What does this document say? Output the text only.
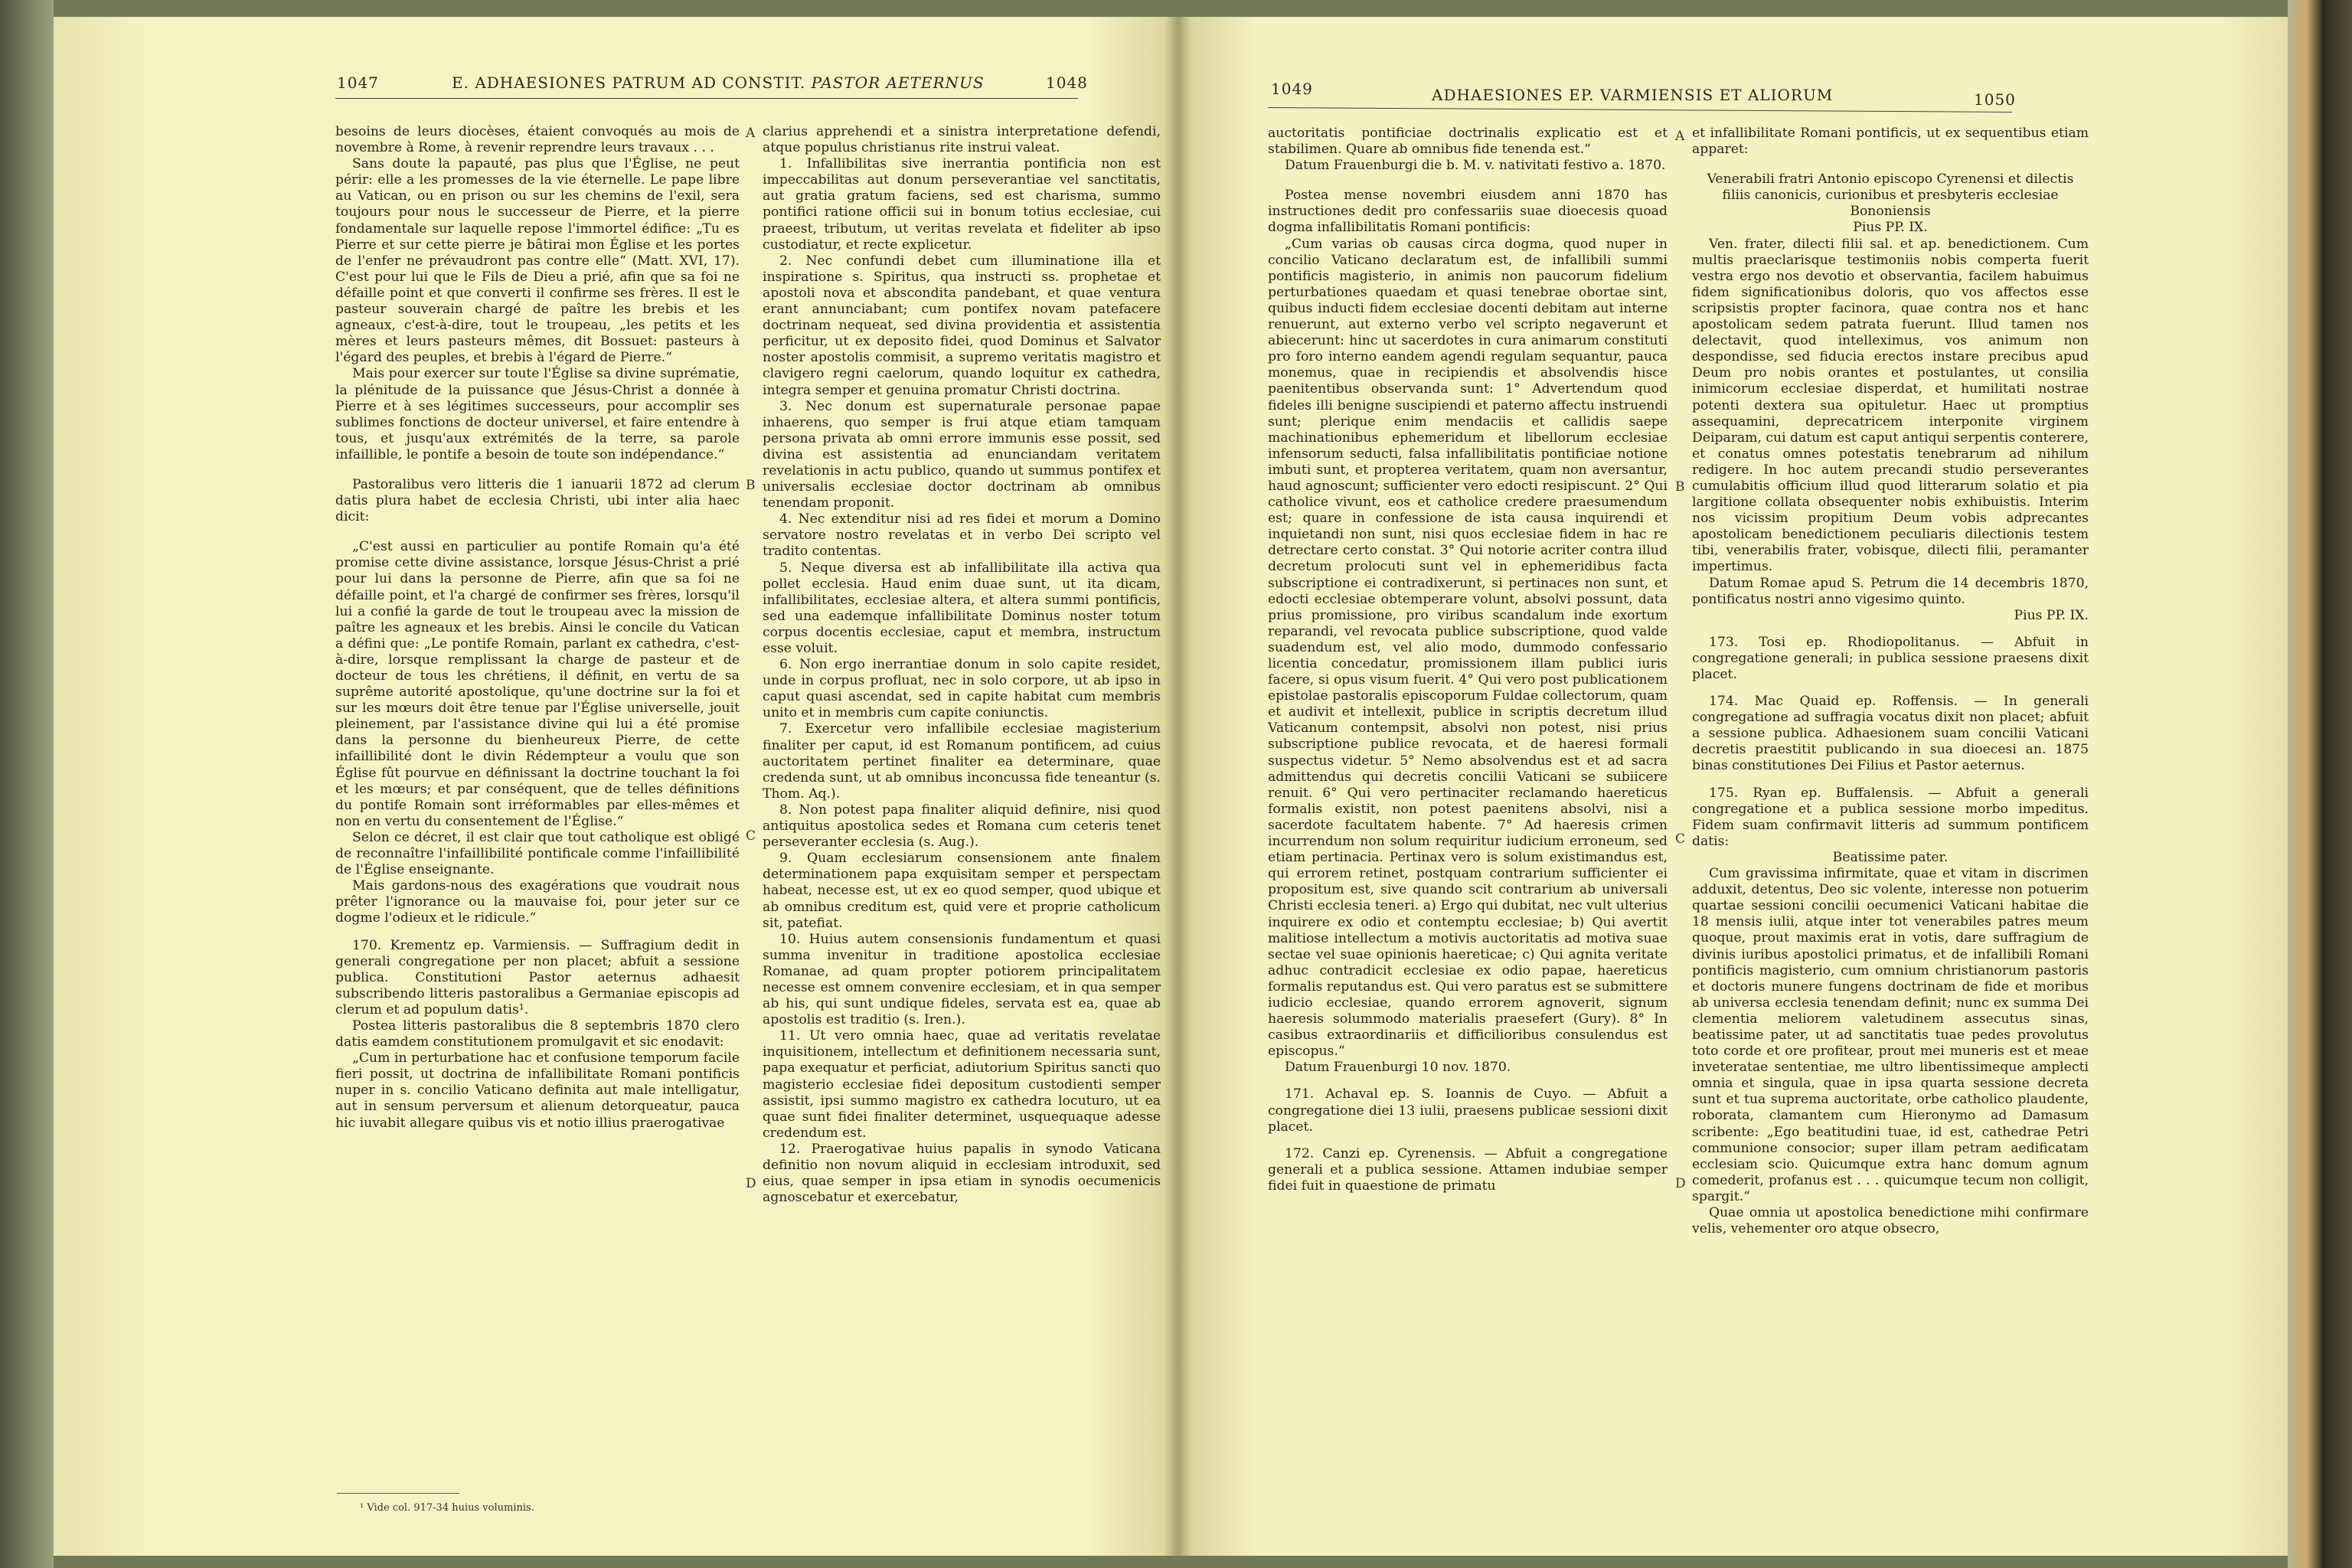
E. ADHAESIONES PATRUM AD CONSTIT. PASTOR AETERNUS

besoins de leurs diocèses, étaient convoqués au mois de novembre à Rome, à revenir reprendre leurs travaux . . .

Sans doute la papauté, pas plus que l'Église, ne peut périr: elle a les promesses de la vie éternelle. Le pape libre au Vatican, ou en prison ou sur les chemins de l'exil, sera toujours pour nous le successeur de Pierre, et la pierre fondamentale sur laquelle repose l'immortel édifice: „Tu es Pierre et sur cette pierre je bâtirai mon Église et les portes de l'enfer ne prévaudront pas contre elle“ (Matt. XVI, 17). C'est pour lui que le Fils de Dieu a prié, afin que sa foi ne défaille point et que converti il confirme ses frères. Il est le pasteur souverain chargé de paître les brebis et les agneaux, c'est-à-dire, tout le troupeau, „les petits et les mères et leurs pasteurs mêmes, dit Bossuet: pasteurs à l'égard des peuples, et brebis à l'égard de Pierre.“

Mais pour exercer sur toute l'Église sa divine suprématie, la plénitude de la puissance que Jésus-Christ a donnée à Pierre et à ses légitimes successeurs, pour accomplir ses sublimes fonctions de docteur universel, et faire entendre à tous, et jusqu'aux extrémités de la terre, sa parole infaillible, le pontife a besoin de toute son indépendance.“

Pastoralibus vero litteris die 1 ianuarii 1872 ad clerum datis plura habet de ecclesia Christi, ubi inter alia haec dicit:

„C'est aussi en particulier au pontife Romain qu'a été promise cette divine assistance, lorsque Jésus-Christ a prié pour lui dans la personne de Pierre, afin que sa foi ne défaille point, et l'a chargé de confirmer ses frères, lorsqu'il lui a confié la garde de tout le troupeau avec la mission de paître les agneaux et les brebis. Ainsi le concile du Vatican a défini que: „Le pontife Romain, parlant ex cathedra, c'est-à-dire, lorsque remplissant la charge de pasteur et de docteur de tous les chrétiens, il définit, en vertu de sa suprême autorité apostolique, qu'une doctrine sur la foi et sur les mœurs doit être tenue par l'Église universelle, jouit pleinement, par l'assistance divine qui lui a été promise dans la personne du bienheureux Pierre, de cette infaillibilité dont le divin Rédempteur a voulu que son Église fût pourvue en définissant la doctrine touchant la foi et les mœurs; et par conséquent, que de telles définitions du pontife Romain sont irréformables par elles-mêmes et non en vertu du consentement de l'Église.“

Selon ce décret, il est clair que tout catholique est obligé de reconnaître l'infaillibilité pontificale comme l'infaillibilité de l'Église enseignante.

Mais gardons-nous des exagérations que voudrait nous prêter l'ignorance ou la mauvaise foi, pour jeter sur ce dogme l'odieux et le ridicule.“

170. Krementz ep. Varmiensis. — Suffragium dedit in generali congregatione per non placet; abfuit a sessione publica. Constitutioni Pastor aeternus adhaesit subscribendo litteris pastoralibus a Germaniae episcopis ad clerum et ad populum datis¹.

Postea litteris pastoralibus die 8 septembris 1870 clero datis eamdem constitutionem promulgavit et sic enodavit:

„Cum in perturbatione hac et confusione temporum facile fieri possit, ut doctrina de infallibilitate Romani pontificis nuper in s. concilio Vaticano definita aut male intelligatur, aut in sensum perversum et alienum detorqueatur, pauca hic iuvabit allegare quibus vis et notio illius praerogativae

clarius apprehendi et a sinistra interpretatione defendi, atque populus christianus rite instrui valeat.

1. Infallibilitas sive inerrantia pontificia non est impeccabilitas aut donum perseverantiae vel sanctitatis, aut gratia gratum faciens, sed est charisma, summo pontifici ratione officii sui in bonum totius ecclesiae, cui praeest, tributum, ut veritas revelata et fideliter ab ipso custodiatur, et recte explicetur.

2. Nec confundi debet cum illuminatione illa et inspiratione s. Spiritus, qua instructi ss. prophetae et apostoli nova et abscondita pandebant, et quae ventura erant annunciabant; cum pontifex novam patefacere doctrinam nequeat, sed divina providentia et assistentia perficitur, ut ex deposito fidei, quod Dominus et Salvator noster apostolis commisit, a supremo veritatis magistro et clavigero regni caelorum, quando loquitur ex cathedra, integra semper et genuina promatur Christi doctrina.

3. Nec donum est supernaturale personae papae inhaerens, quo semper is frui atque etiam tamquam persona privata ab omni errore immunis esse possit, sed divina est assistentia ad enunciandam veritatem revelationis in actu publico, quando ut summus pontifex et universalis ecclesiae doctor doctrinam ab omnibus tenendam proponit.

4. Nec extenditur nisi ad res fidei et morum a Domino servatore nostro revelatas et in verbo Dei scripto vel tradito contentas.

5. Neque diversa est ab infallibilitate illa activa qua pollet ecclesia. Haud enim duae sunt, ut ita dicam, infallibilitates, ecclesiae altera, et altera summi pontificis, sed una eademque infallibilitate Dominus noster totum corpus docentis ecclesiae, caput et membra, instructum esse voluit.

6. Non ergo inerrantiae donum in solo capite residet, unde in corpus profluat, nec in solo corpore, ut ab ipso in caput quasi ascendat, sed in capite habitat cum membris unito et in membris cum capite coniunctis.

7. Exercetur vero infallibile ecclesiae magisterium finaliter per caput, id est Romanum pontificem, ad cuius auctoritatem pertinet finaliter ea determinare, quae credenda sunt, ut ab omnibus inconcussa fide teneantur (s. Thom. Aq.).

8. Non potest papa finaliter aliquid definire, nisi quod antiquitus apostolica sedes et Romana cum ceteris tenet perseveranter ecclesia (s. Aug.).

9. Quam ecclesiarum consensionem ante finalem determinationem papa exquisitam semper et perspectam habeat, necesse est, ut ex eo quod semper, quod ubique et ab omnibus creditum est, quid vere et proprie catholicum sit, patefiat.

10. Huius autem consensionis fundamentum et quasi summa invenitur in traditione apostolica ecclesiae Romanae, ad quam propter potiorem principalitatem necesse est omnem convenire ecclesiam, et in qua semper ab his, qui sunt undique fideles, servata est ea, quae ab apostolis est traditio (s. Iren.).

11. Ut vero omnia haec, quae ad veritatis revelatae inquisitionem, intellectum et definitionem necessaria sunt, papa exequatur et perficiat, adiutorium Spiritus sancti quo magisterio ecclesiae fidei depositum custodienti semper assistit, ipsi summo magistro ex cathedra locuturo, ut ea quae sunt fidei finaliter determinet, usquequaque adesse credendum est.

12. Praerogativae huius papalis in synodo Vaticana definitio non novum aliquid in ecclesiam introduxit, sed eius, quae semper in ipsa etiam in synodis oecumenicis agnoscebatur et exercebatur,

¹ Vide col. 917-34 huius voluminis.
A
B
C
D
1047	1048

auctoritatis pontificiae doctrinalis explicatio est et stabilimen. Quare ab omnibus fide tenenda est.“

Datum Frauenburgi die b. M. v. nativitati festivo a. 1870.

Postea mense novembri eiusdem anni 1870 has instructiones dedit pro confessariis suae dioecesis quoad dogma infallibilitatis Romani pontificis:

„Cum varias ob causas circa dogma, quod nuper in concilio Vaticano declaratum est, de infallibili summi pontificis magisterio, in animis non paucorum fidelium perturbationes quaedam et quasi tenebrae obortae sint, quibus inducti fidem ecclesiae docenti debitam aut interne renuerunt, aut externo verbo vel scripto negaverunt et abiecerunt: hinc ut sacerdotes in cura animarum constituti pro foro interno eandem agendi regulam sequantur, pauca monemus, quae in recipiendis et absolvendis hisce paenitentibus observanda sunt: 1° Advertendum quod fideles illi benigne suscipiendi et paterno affectu instruendi sunt; plerique enim mendaciis et callidis saepe machinationibus ephemeridum et libellorum ecclesiae infensorum seducti, falsa infallibilitatis pontificiae notione imbuti sunt, et propterea veritatem, quam non aversantur, haud agnoscunt; sufficienter vero edocti resipiscunt. 2° Qui catholice vivunt, eos et catholice credere praesumendum est; quare in confessione de ista causa inquirendi et inquietandi non sunt, nisi quos ecclesiae fidem in hac re detrectare certo constat. 3° Qui notorie acriter contra illud decretum prolocuti sunt vel in ephemeridibus facta subscriptione ei contradixerunt, si pertinaces non sunt, et edocti ecclesiae obtemperare volunt, absolvi possunt, data prius promissione, pro viribus scandalum inde exortum reparandi, vel revocata publice subscriptione, quod valde suadendum est, vel alio modo, dummodo confessario licentia concedatur, promissionem illam publici iuris facere, si opus visum fuerit. 4° Qui vero post publicationem epistolae pastoralis episcoporum Fuldae collectorum, quam et audivit et intellexit, publice in scriptis decretum illud Vaticanum contempsit, absolvi non potest, nisi prius subscriptione publice revocata, et de haeresi formali suspectus videtur. 5° Nemo absolvendus est et ad sacra admittendus qui decretis concilii Vaticani se subiicere renuit. 6° Qui vero pertinaciter reclamando haereticus formalis existit, non potest paenitens absolvi, nisi a sacerdote facultatem habente. 7° Ad haeresis crimen incurrendum non solum requiritur iudicium erroneum, sed etiam pertinacia. Pertinax vero is solum existimandus est, qui errorem retinet, postquam contrarium sufficienter ei propositum est, sive quando scit contrarium ab universali Christi ecclesia teneri. a) Ergo qui dubitat, nec vult ulterius inquirere ex odio et contemptu ecclesiae; b) Qui avertit malitiose intellectum a motivis auctoritatis ad motiva suae sectae vel suae opinionis haereticae; c) Qui agnita veritate adhuc contradicit ecclesiae ex odio papae, haereticus formalis reputandus est. Qui vero paratus est se submittere iudicio ecclesiae, quando errorem agnoverit, signum haeresis solummodo materialis praesefert (Gury). 8° In casibus extraordinariis et difficilioribus consulendus est episcopus.“

Datum Frauenburgi 10 nov. 1870.

171. Achaval ep. S. Ioannis de Cuyo. — Abfuit a congregatione diei 13 iulii, praesens publicae sessioni dixit placet.

172. Canzi ep. Cyrenensis. — Abfuit a congregatione generali et a publica sessione. Attamen indubiae semper fidei fuit in quaestione de primatu

et infallibilitate Romani pontificis, ut ex sequentibus etiam apparet:

Venerabili fratri Antonio episcopo Cyrenensi et dilectis filiis canonicis, curionibus et presbyteris ecclesiae Bononiensis

Pius PP. IX.

Ven. frater, dilecti filii sal. et ap. benedictionem. Cum multis praeclarisque testimoniis nobis comperta fuerit vestra ergo nos devotio et observantia, facilem habuimus fidem significationibus doloris, quo vos affectos esse scripsistis propter facinora, quae contra nos et hanc apostolicam sedem patrata fuerunt. Illud tamen nos delectavit, quod intelleximus, vos animum non despondisse, sed fiducia erectos instare precibus apud Deum pro nobis orantes et postulantes, ut consilia inimicorum ecclesiae disperdat, et humilitati nostrae potenti dextera sua opituletur. Haec ut promptius assequamini, deprecatricem interponite virginem Deiparam, cui datum est caput antiqui serpentis conterere, et conatus omnes potestatis tenebrarum ad nihilum redigere. In hoc autem precandi studio perseverantes cumulabitis officium illud quod litterarum solatio et pia largitione collata obsequenter nobis exhibuistis. Interim nos vicissim propitium Deum vobis adprecantes apostolicam benedictionem peculiaris dilectionis testem tibi, venerabilis frater, vobisque, dilecti filii, peramanter impertimus.

Datum Romae apud S. Petrum die 14 decembris 1870, pontificatus nostri anno vigesimo quinto.

Pius PP. IX.

173. Tosi ep. Rhodiopolitanus. — Abfuit in congregatione generali; in publica sessione praesens dixit placet.

174. Mac Quaid ep. Roffensis. — In generali congregatione ad suffragia vocatus dixit non placet; abfuit a sessione publica. Adhaesionem suam concilii Vaticani decretis praestitit publicando in sua dioecesi an. 1875 binas constitutiones Dei Filius et Pastor aeternus.

175. Ryan ep. Buffalensis. — Abfuit a generali congregatione et a publica sessione morbo impeditus. Fidem suam confirmavit litteris ad summum pontificem datis:

Beatissime pater.

Cum gravissima infirmitate, quae et vitam in discrimen adduxit, detentus, Deo sic volente, interesse non potuerim quartae sessioni concilii oecumenici Vaticani habitae die 18 mensis iulii, atque inter tot venerabiles patres meum quoque, prout maximis erat in votis, dare suffragium de divinis iuribus apostolici primatus, et de infallibili Romani pontificis magisterio, cum omnium christianorum pastoris et doctoris munere fungens doctrinam de fide et moribus ab universa ecclesia tenendam definit; nunc ex summa Dei clementia meliorem valetudinem assecutus sinas, beatissime pater, ut ad sanctitatis tuae pedes provolutus toto corde et ore profitear, prout mei muneris est et meae inveteratae sententiae, me ultro libentissimeque amplecti omnia et singula, quae in ipsa quarta sessione decreta sunt et tua suprema auctoritate, orbe catholico plaudente, roborata, clamantem cum Hieronymo ad Damasum scribente: „Ego beatitudini tuae, id est, cathedrae Petri communione consocior; super illam petram aedificatam ecclesiam scio. Quicumque extra hanc domum agnum comederit, profanus est . . . quicumque tecum non colligit, spargit.“

Quae omnia ut apostolica benedictione mihi confirmare velis, vehementer oro atque obsecro,

A
B
C
D
1049	ADHAESIONES EP. VARMIENSIS ET ALIORUM	1050
